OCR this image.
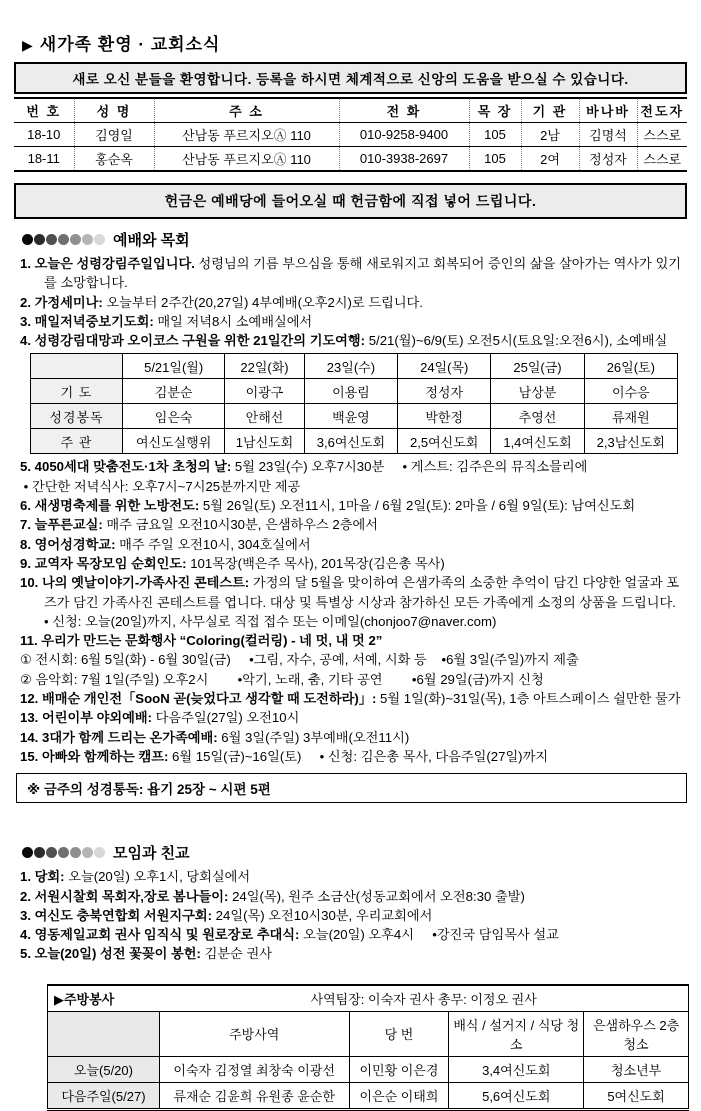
▶ 새가족 환영 · 교회소식
새로 오신 분들을 환영합니다. 등록을 하시면 체계적으로 신앙의 도움을 받으실 수 있습니다.
번 호	성 명	주 소	전 화	목 장	기 관	바나바	전도자
18-10	김영일	산남동 푸르지오Ⓐ 110	010-9258-9400	105	2남	김명석	스스로
18-11	홍순옥	산남동 푸르지오Ⓐ 110	010-3938-2697	105	2여	정성자	스스로
헌금은 예배당에 들어오실 때 헌금함에 직접 넣어 드립니다.
예배와 목회
1. 오늘은 성령강림주일입니다. 성령님의 기름 부으심을 통해 새로워지고 회복되어 증인의 삶을 살아가는 역사가 있기를 소망합니다.
2. 가정세미나: 오늘부터 2주간(20,27일) 4부예배(오후2시)로 드립니다.
3. 매일저녁중보기도회: 매일 저녁8시 소예배실에서
4. 성령강림대망과 오이코스 구원을 위한 21일간의 기도여행: 5/21(월)~6/9(토) 오전5시(토요일:오전6시), 소예배실
	5/21일(월)	22일(화)	23일(수)	24일(목)	25일(금)	26일(토)
기 도	김분순	이광구	이용림	정성자	남상분	이수응
성경봉독	임은숙	안해선	백윤영	박한정	추영선	류재원
주 관	여신도실행위	1남신도회	3,6여신도회	2,5여신도회	1,4여신도회	2,3남신도회
5. 4050세대 맞춤전도·1차 초청의 날: 5월 23일(수) 오후7시30분     • 게스트: 김주은의 뮤직소믈리에
• 간단한 저녁식사: 오후7시~7시25분까지만 제공
6. 새생명축제를 위한 노방전도: 5월 26일(토) 오전11시, 1마을 / 6월 2일(토): 2마을 / 6월 9일(토): 남여신도회
7. 늘푸른교실: 매주 금요일 오전10시30분, 은샘하우스 2층에서
8. 영어성경학교: 매주 주일 오전10시, 304호실에서
9. 교역자 목장모임 순회인도: 101목장(백은주 목사), 201목장(김은총 목사)
10. 나의 옛날이야기-가족사진 콘테스트: 가정의 달 5월을 맞이하여 은샘가족의 소중한 추억이 담긴 다양한 얼굴과 포즈가 담긴 가족사진 콘테스트를 엽니다. 대상 및 특별상 시상과 참가하신 모든 가족에게 소정의 상품을 드립니다.      • 신청: 오늘(20일)까지, 사무실로 직접 접수 또는 이메일(chonjoo7@naver.com)
11. 우리가 만드는 문화행사 “Coloring(컬러링) - 네 멋, 내 멋 2”
① 전시회: 6월 5일(화) - 6월 30일(금)     •그림, 자수, 공예, 서예, 시화 등    •6월 3일(주일)까지 제출
② 음악회: 7월 1일(주일) 오후2시        •악기, 노래, 춤, 기타 공연        •6월 29일(금)까지 신청
12. 배매순 개인전「SooN 곧(늦었다고 생각할 때 도전하라)」: 5월 1일(화)~31일(목), 1층 아트스페이스 쉴만한 물가
13. 어린이부 야외예배: 다음주일(27일) 오전10시
14. 3대가 함께 드리는 온가족예배: 6월 3일(주일) 3부예배(오전11시)
15. 아빠와 함께하는 캠프: 6월 15일(금)~16일(토)     • 신청: 김은총 목사, 다음주일(27일)까지
※ 금주의 성경통독: 욥기 25장 ~ 시편 5편
모임과 친교
1. 당회: 오늘(20일) 오후1시, 당회실에서
2. 서원시찰회 목회자,장로 봄나들이: 24일(목), 원주 소금산(성동교회에서 오전8:30 출발)
3. 여신도 충북연합회 서원지구회: 24일(목) 오전10시30분, 우리교회에서
4. 영동제일교회 권사 임직식 및 원로장로 추대식: 오늘(20일) 오후4시     •강진국 담임목사 설교
5. 오늘(20일) 성전 꽃꽂이 봉헌: 김분순 권사
▶주방봉사	사역팀장: 이숙자 권사 총무: 이정오 권사			
	주방사역	당 번	배식 / 설거지 / 식당 청소	은샘하우스 2층 청소
오늘(5/20)	이숙자 김정열 최창숙 이광선	이민황 이은경	3,4여신도회	청소년부
다음주일(5/27)	류재순 김윤희 유원종 윤순한	이은순 이태희	5,6여신도회	5여신도회
